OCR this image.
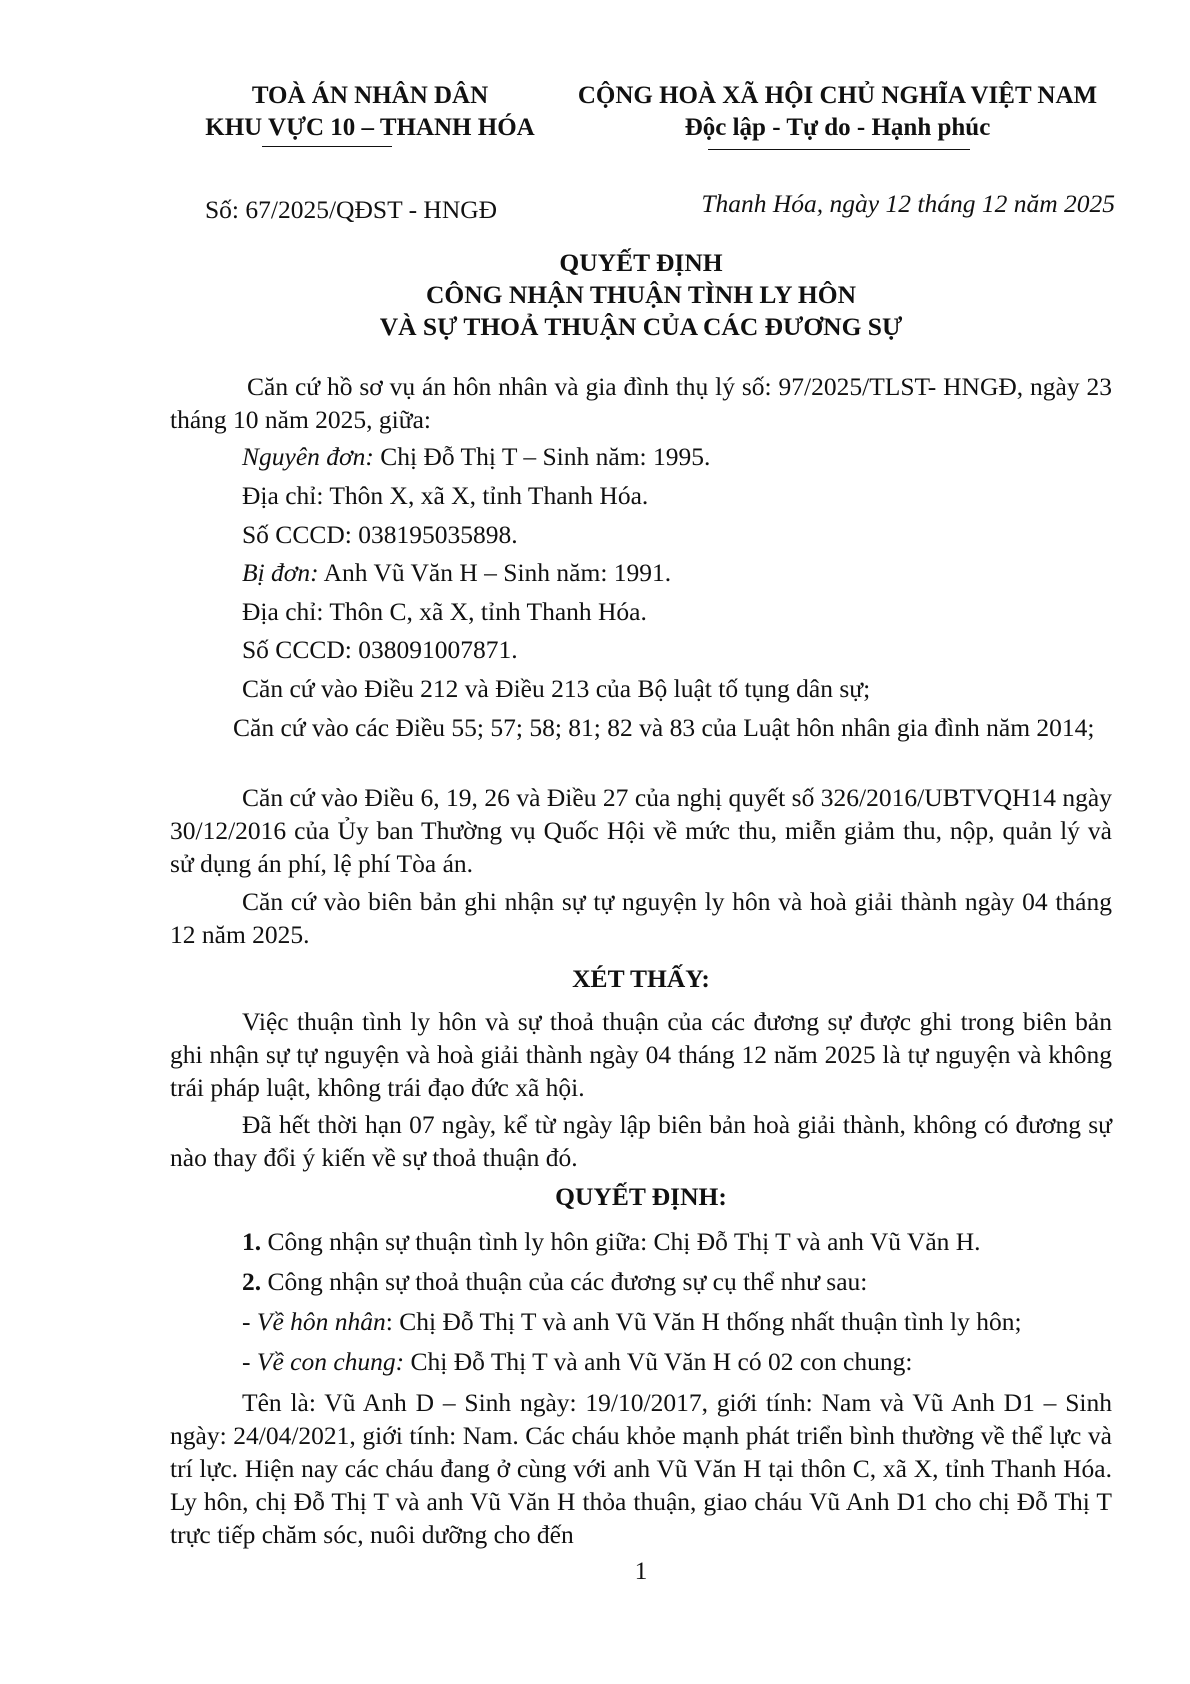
TOÀ ÁN NHÂN DÂN
KHU VỰC 10 – THANH HÓA
CỘNG HOÀ XÃ HỘI CHỦ NGHĨA VIỆT NAM
Độc lập - Tự do - Hạnh phúc
Số: 67/2025/QĐST - HNGĐ	Thanh Hóa, ngày 12 tháng 12 năm 2025
QUYẾT ĐỊNH
CÔNG NHẬN THUẬN TÌNH LY HÔN
VÀ SỰ THOẢ THUẬN CỦA CÁC ĐƯƠNG SỰ

Căn cứ hồ sơ vụ án hôn nhân và gia đình thụ lý số: 97/2025/TLST- HNGĐ, ngày 23 tháng 10 năm 2025, giữa:

Nguyên đơn: Chị Đỗ Thị T – Sinh năm: 1995.
Địa chỉ: Thôn X, xã X, tỉnh Thanh Hóa.
Số CCCD: 038195035898.
Bị đơn: Anh Vũ Văn H – Sinh năm: 1991.
Địa chỉ: Thôn C, xã X, tỉnh Thanh Hóa.
Số CCCD: 038091007871.
Căn cứ vào Điều 212 và Điều 213 của Bộ luật tố tụng dân sự;

Căn cứ vào các Điều 55; 57; 58; 81; 82 và 83 của Luật hôn nhân gia đình năm 2014;

Căn cứ vào Điều 6, 19, 26 và Điều 27 của nghị quyết số 326/2016/UBTVQH14 ngày 30/12/2016 của Ủy ban Thường vụ Quốc Hội về mức thu, miễn giảm thu, nộp, quản lý và sử dụng án phí, lệ phí Tòa án.

Căn cứ vào biên bản ghi nhận sự tự nguyện ly hôn và hoà giải thành ngày 04 tháng 12 năm 2025.

XÉT THẤY:

Việc thuận tình ly hôn và sự thoả thuận của các đương sự được ghi trong biên bản ghi nhận sự tự nguyện và hoà giải thành ngày 04 tháng 12 năm 2025 là tự nguyện và không trái pháp luật, không trái đạo đức xã hội.

Đã hết thời hạn 07 ngày, kể từ ngày lập biên bản hoà giải thành, không có đương sự nào thay đổi ý kiến về sự thoả thuận đó.

QUYẾT ĐỊNH:
1. Công nhận sự thuận tình ly hôn giữa: Chị Đỗ Thị T và anh Vũ Văn H.
2. Công nhận sự thoả thuận của các đương sự cụ thể như sau:
- Về hôn nhân: Chị Đỗ Thị T và anh Vũ Văn H thống nhất thuận tình ly hôn;
- Về con chung: Chị Đỗ Thị T và anh Vũ Văn H có 02 con chung:

Tên là: Vũ Anh D – Sinh ngày: 19/10/2017, giới tính: Nam và Vũ Anh D1 – Sinh ngày: 24/04/2021, giới tính: Nam. Các cháu khỏe mạnh phát triển bình thường về thể lực và trí lực. Hiện nay các cháu đang ở cùng với anh Vũ Văn H tại thôn C, xã X, tỉnh Thanh Hóa. Ly hôn, chị Đỗ Thị T và anh Vũ Văn H thỏa thuận, giao cháu Vũ Anh D1 cho chị Đỗ Thị T trực tiếp chăm sóc, nuôi dưỡng cho đến

1
